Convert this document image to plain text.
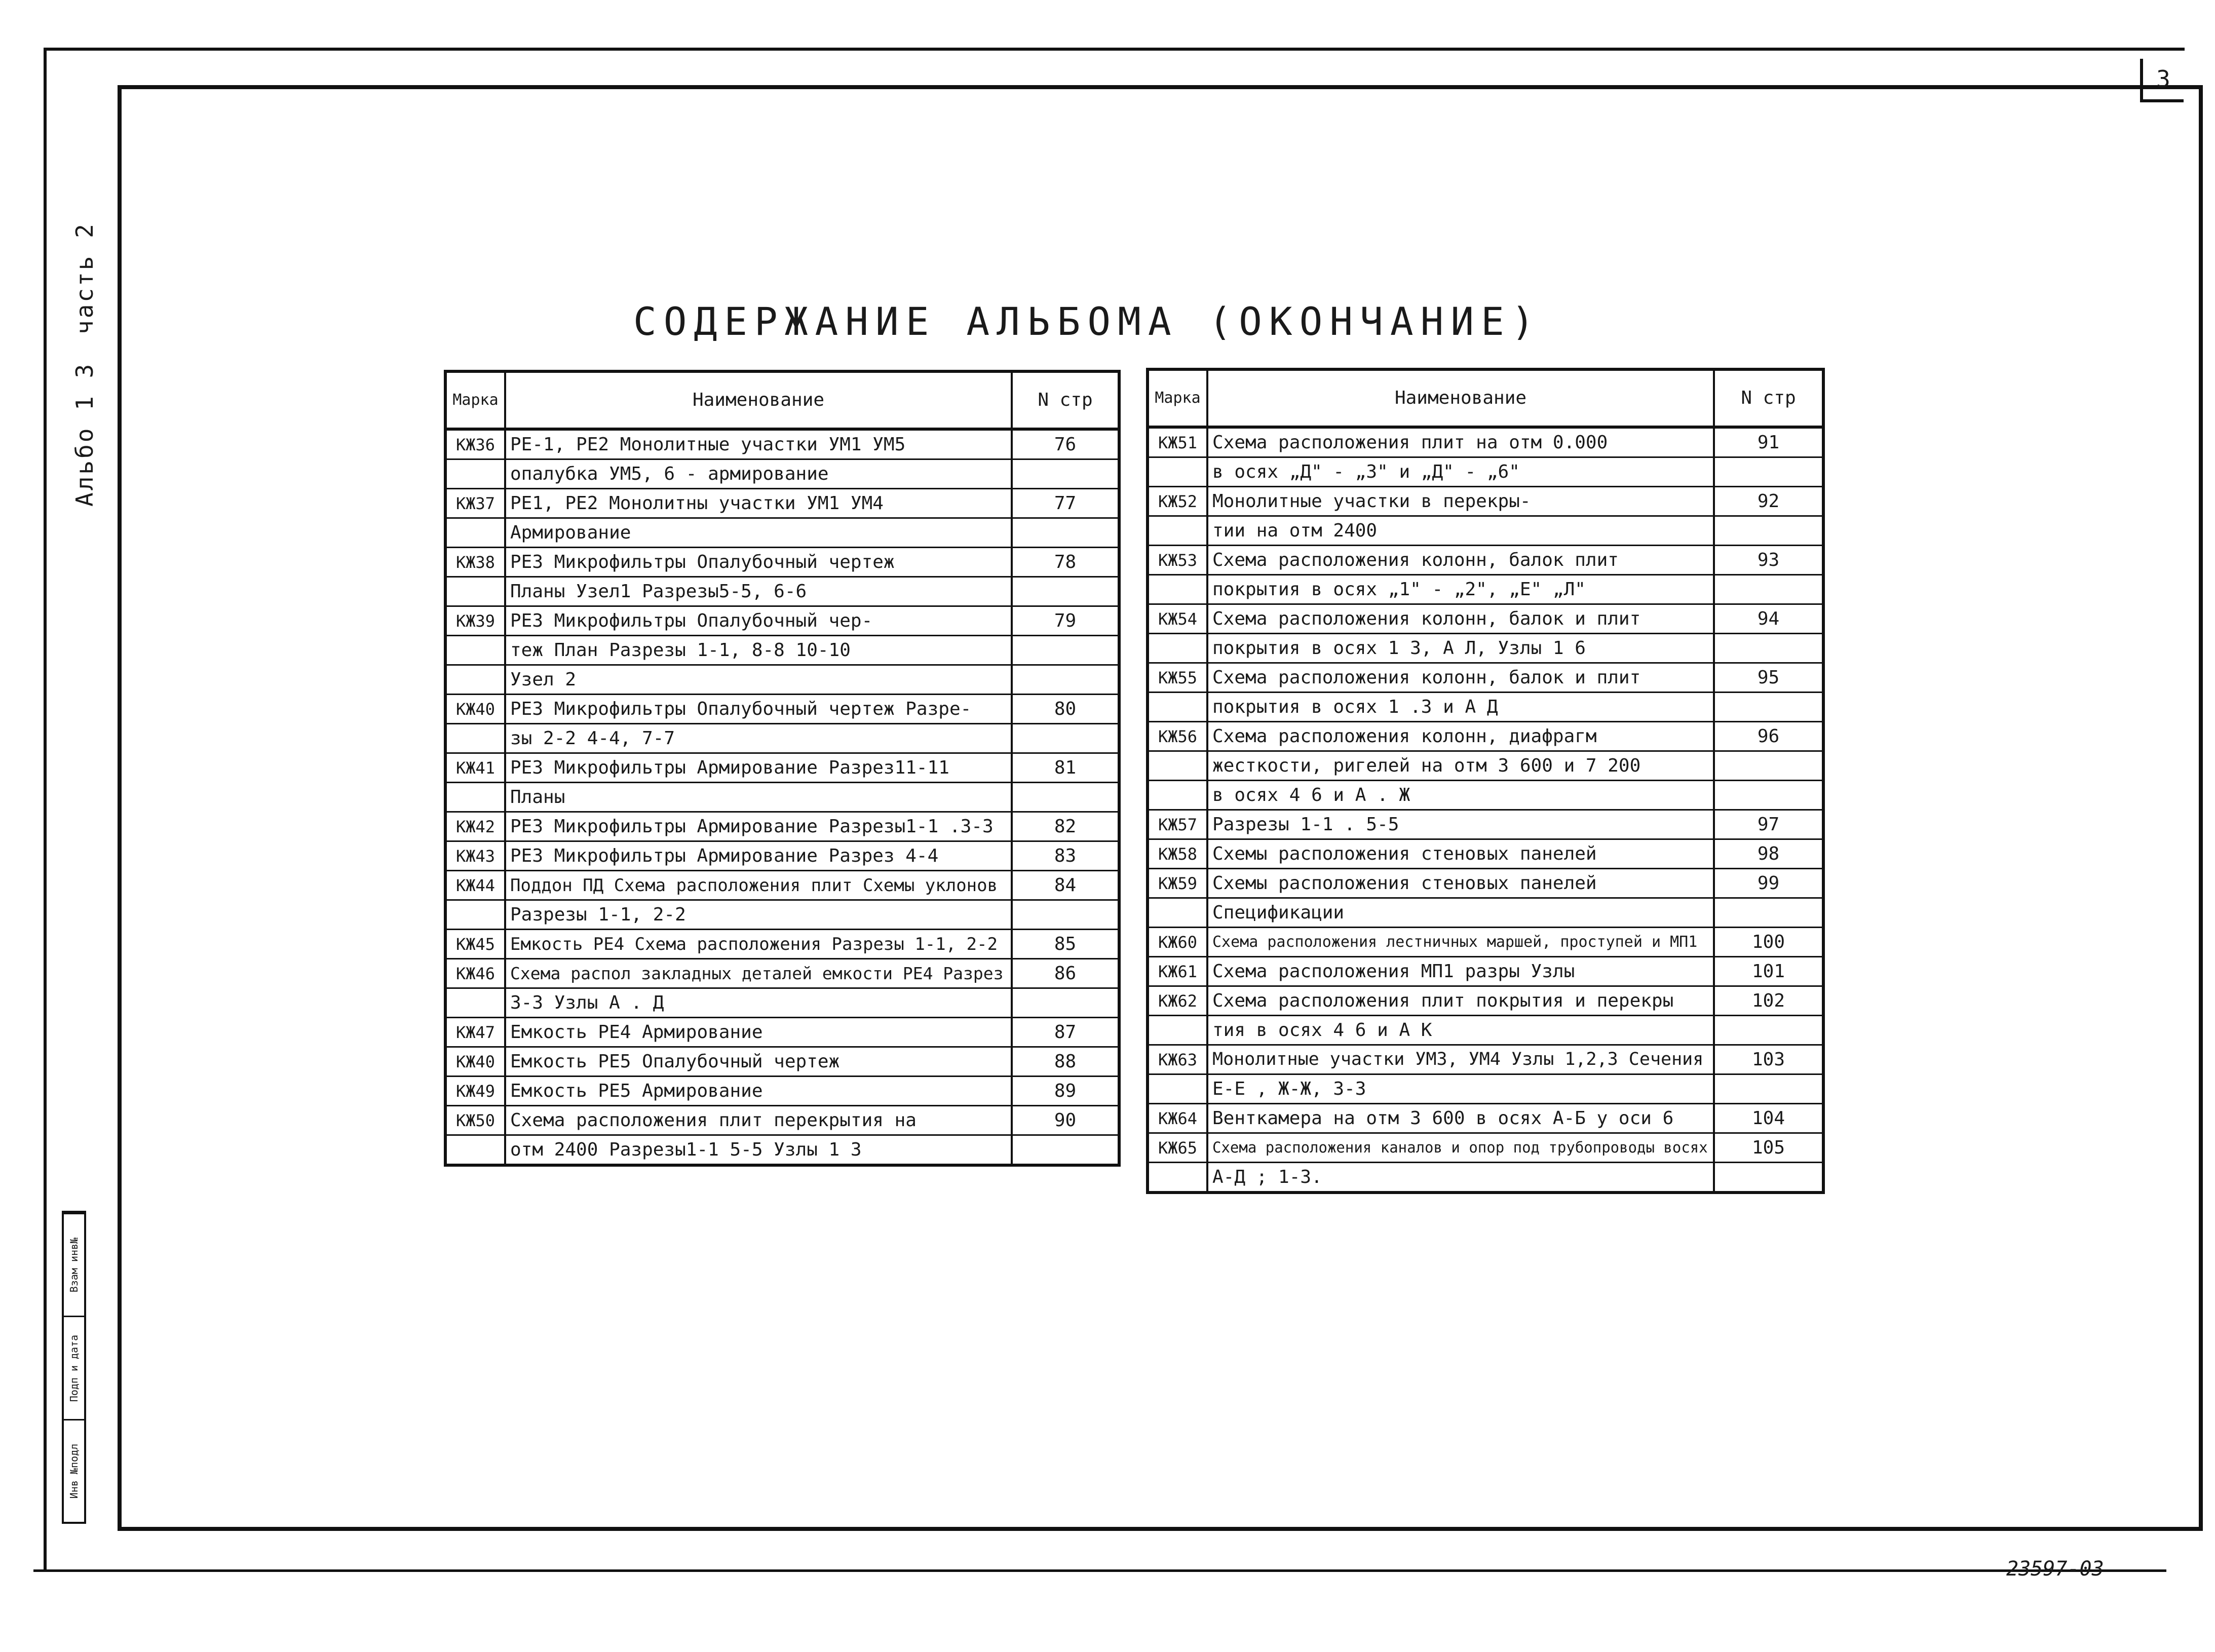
3
Альбо 1 3
часть 2
Инв №подл
Подп и дата
Взам инв№
СОДЕРЖАНИЕ АЛЬБОМА (ОКОНЧАНИЕ)
Марка	Наименование	N стр
КЖ36	РЕ-1, РЕ2 Монолитные участки УМ1 УМ5	76
	опалубка УМ5, 6 - армирование	
КЖ37	РЕ1, РЕ2 Монолитны участки УМ1 УМ4	77
	Армирование	
КЖ38	РЕ3 Микрофильтры Опалубочный чертеж	78
	Планы Узел1 Разрезы5-5, 6-6	
КЖ39	РЕ3 Микрофильтры Опалубочный чер-	79
	теж План Разрезы 1-1, 8-8 10-10	
	Узел 2	
КЖ40	РЕ3 Микрофильтры Опалубочный чертеж Разре-	80
	зы 2-2 4-4, 7-7	
КЖ41	РЕ3 Микрофильтры Армирование Разрез11-11	81
	Планы	
КЖ42	РЕ3 Микрофильтры Армирование Разрезы1-1 .3-3	82
КЖ43	РЕ3 Микрофильтры Армирование Разрез 4-4	83
КЖ44	Поддон ПД Схема расположения плит Схемы уклонов	84
	Разрезы 1-1, 2-2	
КЖ45	Емкость РЕ4 Схема расположения Разрезы 1-1, 2-2	85
КЖ46	Схема распол закладных деталей емкости РЕ4 Разрез	86
	3-3 Узлы А . Д	
КЖ47	Емкость РЕ4 Армирование	87
КЖ40	Емкость РЕ5 Опалубочный чертеж	88
КЖ49	Емкость РЕ5 Армирование	89
КЖ50	Схема расположения плит перекрытия на	90
	отм 2400 Разрезы1-1 5-5 Узлы 1 3	
Марка	Наименование	N стр
КЖ51	Схема расположения плит на отм 0.000	91
	в осях „Д" - „3" и „Д" - „6"	
КЖ52	Монолитные участки в перекры-	92
	тии на отм 2400	
КЖ53	Схема расположения колонн, балок плит	93
	покрытия в осях „1" - „2", „Е" „Л"	
КЖ54	Схема расположения колонн, балок и плит	94
	покрытия в осях 1 3, А Л, Узлы 1 6	
КЖ55	Схема расположения колонн, балок и плит	95
	покрытия в осях 1 .3 и А Д	
КЖ56	Схема расположения колонн, диафрагм	96
	жесткости, ригелей на отм 3 600 и 7 200	
	в осях 4 6 и А . Ж	
КЖ57	Разрезы 1-1 . 5-5	97
КЖ58	Схемы расположения стеновых панелей	98
КЖ59	Схемы расположения стеновых панелей	99
	Спецификации	
КЖ60	Схема расположения лестничных маршей, проступей и МП1	100
КЖ61	Схема расположения МП1 разры Узлы	101
КЖ62	Схема расположения плит покрытия и перекры	102
	тия в осях 4 6 и А К	
КЖ63	Монолитные участки УМ3, УМ4 Узлы 1,2,3 Сечения	103
	Е-Е , Ж-Ж, 3-3	
КЖ64	Венткамера на отм 3 600 в осях А-Б у оси 6	104
КЖ65	Схема расположения каналов и опор под трубопроводы восях	105
	А-Д ; 1-3.	
23597-03
